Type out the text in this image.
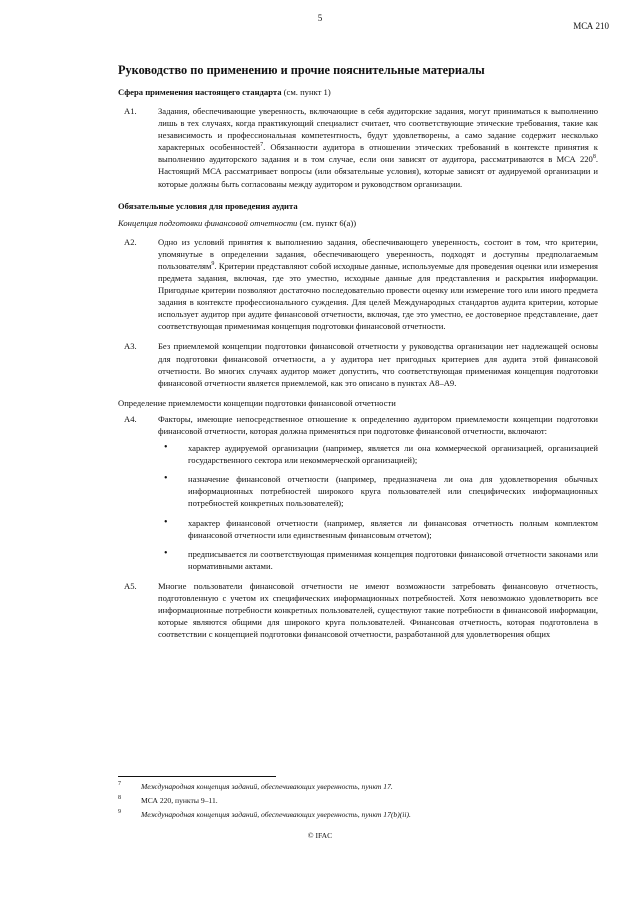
5
МСА 210
Руководство по применению и прочие пояснительные материалы
Сфера применения настоящего стандарта (см. пункт 1)
А1. Задания, обеспечивающие уверенность, включающие в себя аудиторские задания, могут приниматься к выполнению лишь в тех случаях, когда практикующий специалист считает, что соответствующие этические требования, такие как независимость и профессиональная компетентность, будут удовлетворены, а само задание содержит несколько характерных особенностей$^7$. Обязанности аудитора в отношении этических требований в контексте принятия к выполнению аудиторского задания и в том случае, если они зависят от аудитора, рассматриваются в МСА $220^8$. Настоящий МСА рассматривает вопросы (или обязательные условия), которые зависят от аудируемой организации и которые должны быть согласованы между аудитором и руководством организации.
Обязательные условия для проведения аудита
Концепция подготовки финансовой отчетности (см. пункт 6(а))
А2. Одно из условий принятия к выполнению задания, обеспечивающего уверенность, состоит в том, что критерии, упомянутые в определении задания, обеспечивающего уверенность, подходят и доступны предполагаемым пользователям$^9$. Критерии представляют собой исходные данные, используемые для проведения оценки или измерения предмета задания, включая, где это уместно, исходные данные для представления и раскрытия информации. Пригодные критерии позволяют достаточно последовательно провести оценку или измерение того или иного предмета задания в контексте профессионального суждения. Для целей Международных стандартов аудита критерии, которые использует аудитор при аудите финансовой отчетности, включая, где это уместно, ее достоверное представление, дает соответствующая применимая концепция подготовки финансовой отчетности.
А3. Без приемлемой концепции подготовки финансовой отчетности у руководства организации нет надлежащей основы для подготовки финансовой отчетности, а у аудитора нет пригодных критериев для аудита этой финансовой отчетности. Во многих случаях аудитор может допустить, что соответствующая применимая концепция подготовки финансовой отчетности является приемлемой, как это описано в пунктах А8–А9.
Определение приемлемости концепции подготовки финансовой отчетности
А4. Факторы, имеющие непосредственное отношение к определению аудитором приемлемости концепции подготовки финансовой отчетности, которая должна применяться при подготовке финансовой отчетности, включают:
• характер аудируемой организации (например, является ли она коммерческой организацией, организацией государственного сектора или некоммерческой организацией);
• назначение финансовой отчетности (например, предназначена ли она для удовлетворения обычных информационных потребностей широкого круга пользователей или специфических информационных потребностей конкретных пользователей);
• характер финансовой отчетности (например, является ли финансовая отчетность полным комплектом финансовой отчетности или единственным финансовым отчетом);
• предписывается ли соответствующая применимая концепция подготовки финансовой отчетности законами или нормативными актами.
А5. Многие пользователи финансовой отчетности не имеют возможности затребовать финансовую отчетность, подготовленную с учетом их специфических информационных потребностей. Хотя невозможно удовлетворить все информационные потребности конкретных пользователей, существуют такие потребности в финансовой информации, которые являются общими для широкого круга пользователей. Финансовая отчетность, которая подготовлена в соответствии с концепцией подготовки финансовой отчетности, разработанной для удовлетворения общих
7	Международная концепция заданий, обеспечивающих уверенность, пункт 17.
8	МСА 220, пункты 9–11.
9	Международная концепция заданий, обеспечивающих уверенность, пункт 17(b)(ii).
© IFAC
